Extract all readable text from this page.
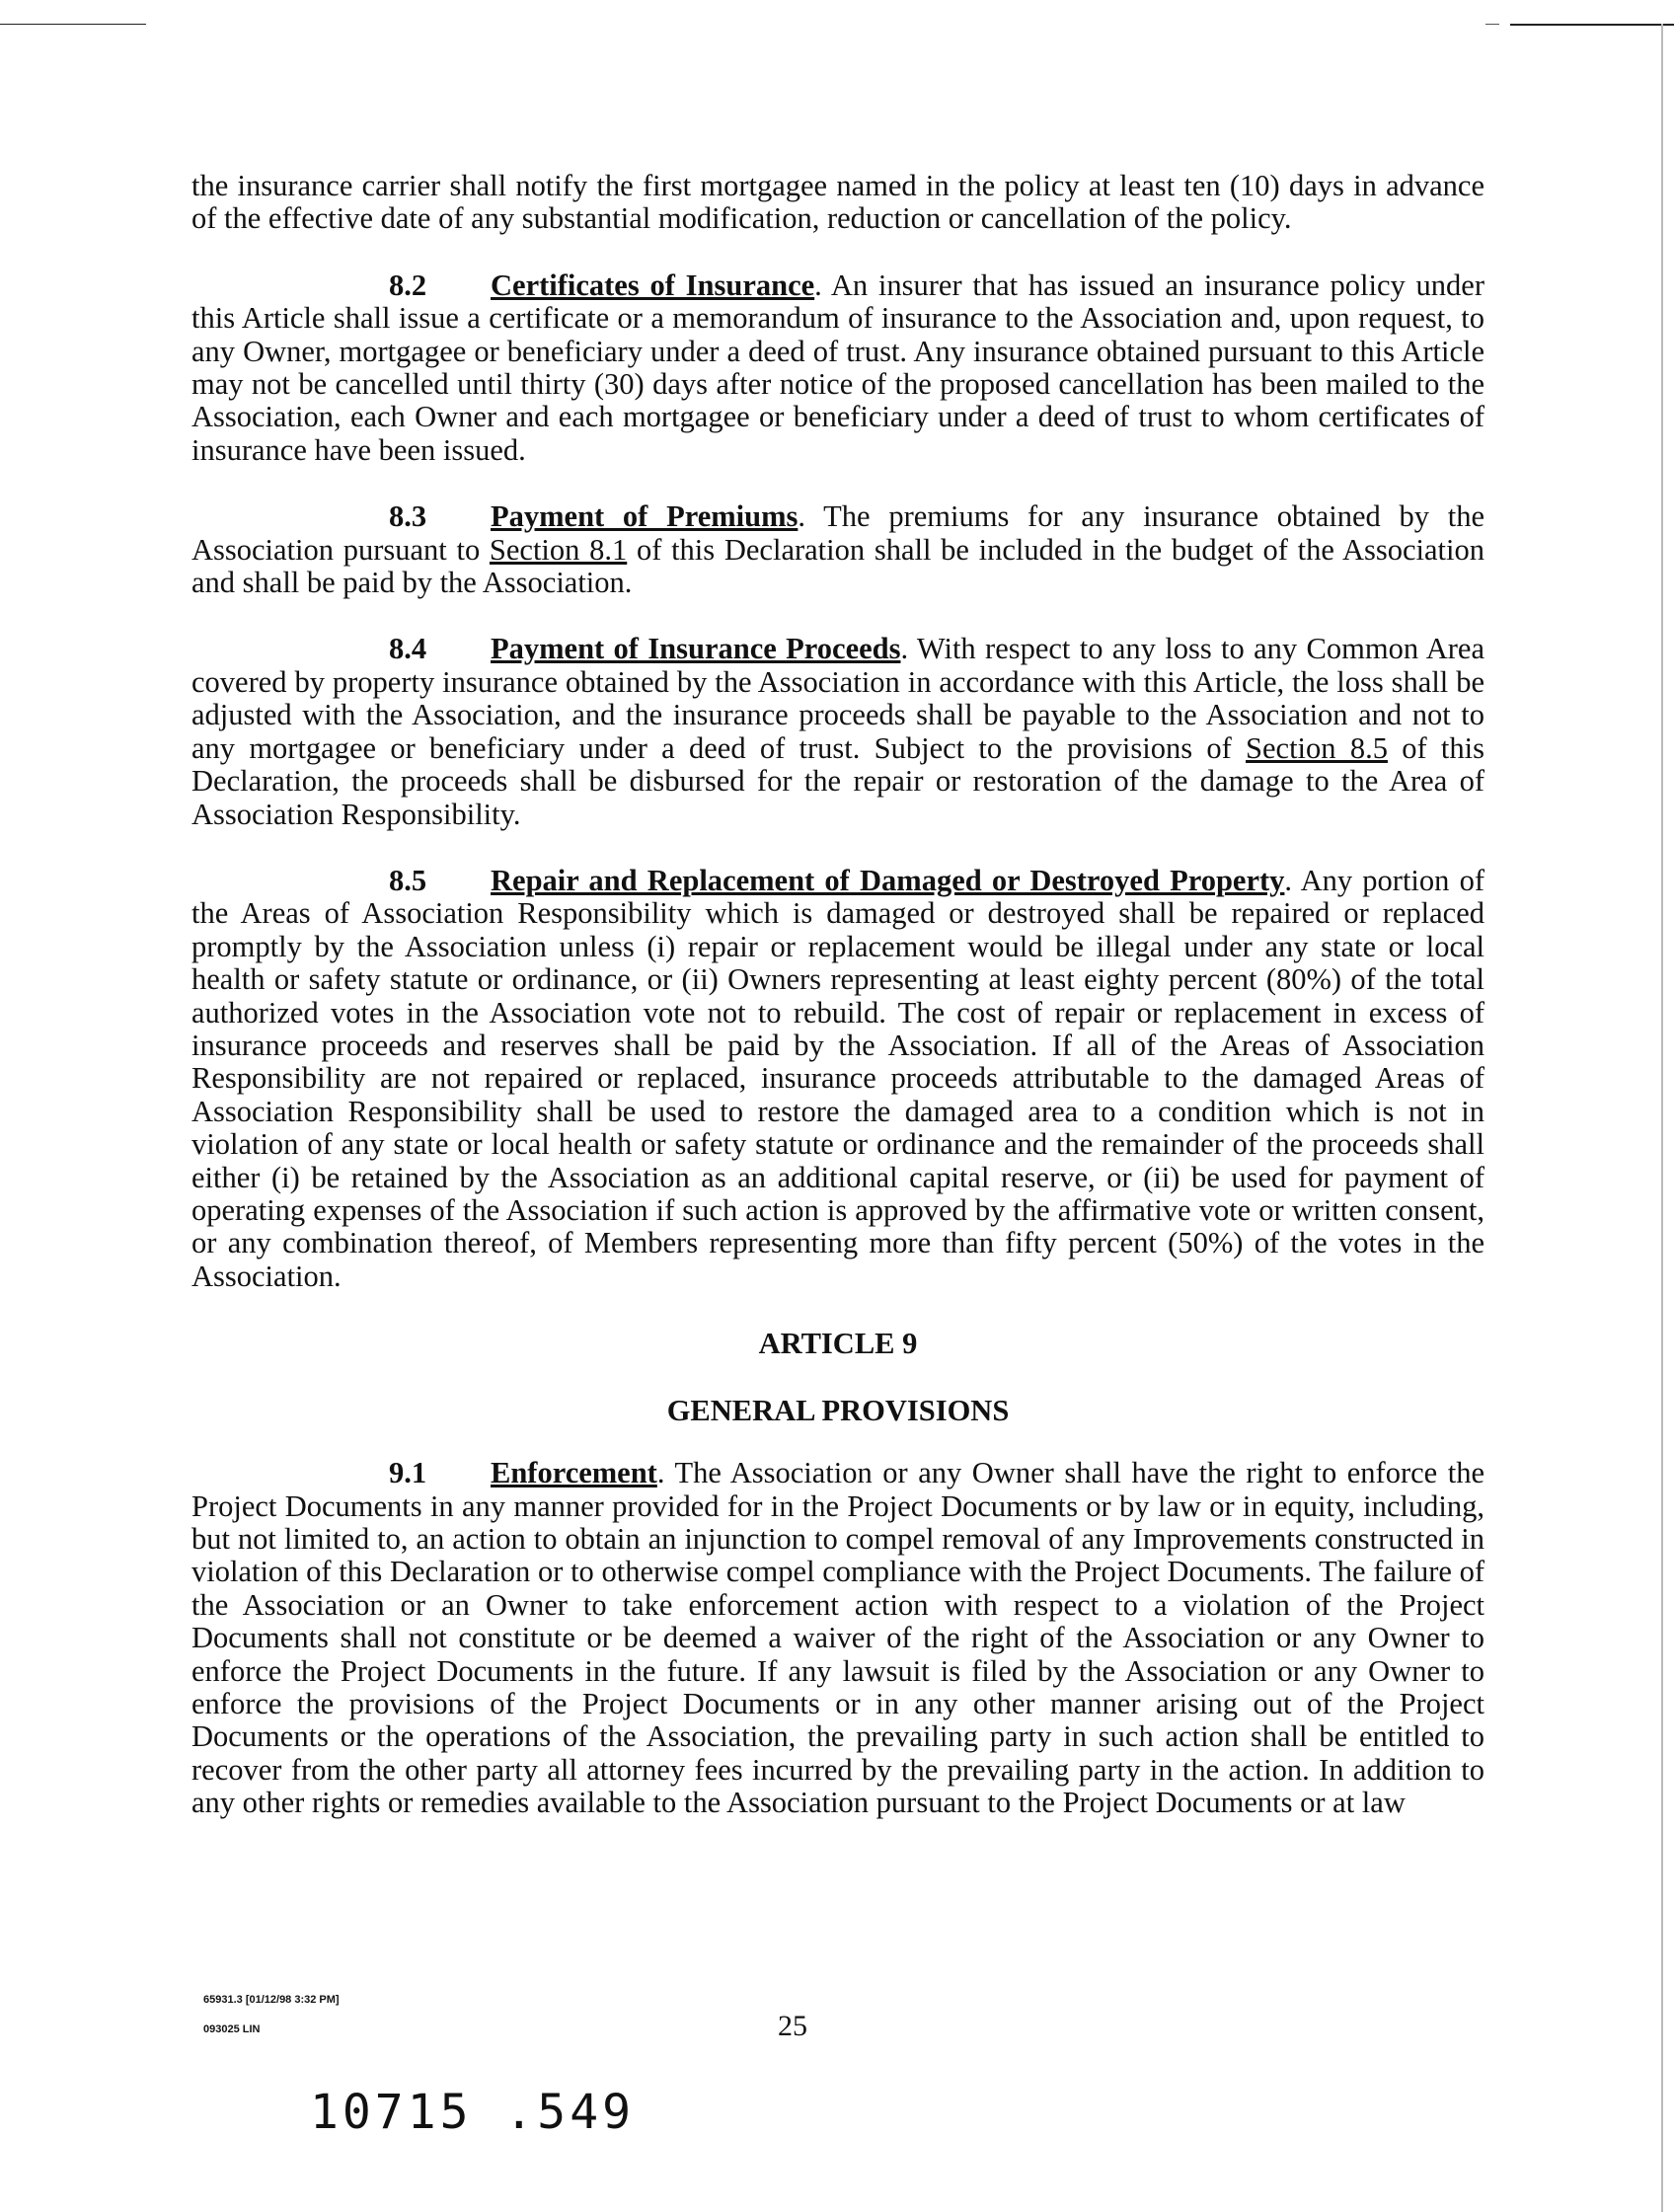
the insurance carrier shall notify the first mortgagee named in the policy at least ten (10) days in advance of the effective date of any substantial modification, reduction or cancellation of the policy.

8.2 Certificates of Insurance. An insurer that has issued an insurance policy under this Article shall issue a certificate or a memorandum of insurance to the Association and, upon request, to any Owner, mortgagee or beneficiary under a deed of trust. Any insurance obtained pursuant to this Article may not be cancelled until thirty (30) days after notice of the proposed cancellation has been mailed to the Association, each Owner and each mortgagee or beneficiary under a deed of trust to whom certificates of insurance have been issued.

8.3 Payment of Premiums. The premiums for any insurance obtained by the Association pursuant to Section 8.1 of this Declaration shall be included in the budget of the Association and shall be paid by the Association.

8.4 Payment of Insurance Proceeds. With respect to any loss to any Common Area covered by property insurance obtained by the Association in accordance with this Article, the loss shall be adjusted with the Association, and the insurance proceeds shall be payable to the Association and not to any mortgagee or beneficiary under a deed of trust. Subject to the provisions of Section 8.5 of this Declaration, the proceeds shall be disbursed for the repair or restoration of the damage to the Area of Association Responsibility.

8.5 Repair and Replacement of Damaged or Destroyed Property. Any portion of the Areas of Association Responsibility which is damaged or destroyed shall be repaired or replaced promptly by the Association unless (i) repair or replacement would be illegal under any state or local health or safety statute or ordinance, or (ii) Owners representing at least eighty percent (80%) of the total authorized votes in the Association vote not to rebuild. The cost of repair or replacement in excess of insurance proceeds and reserves shall be paid by the Association. If all of the Areas of Association Responsibility are not repaired or replaced, insurance proceeds attributable to the damaged Areas of Association Responsibility shall be used to restore the damaged area to a condition which is not in violation of any state or local health or safety statute or ordinance and the remainder of the proceeds shall either (i) be retained by the Association as an additional capital reserve, or (ii) be used for payment of operating expenses of the Association if such action is approved by the affirmative vote or written consent, or any combination thereof, of Members representing more than fifty percent (50%) of the votes in the Association.

ARTICLE 9

GENERAL PROVISIONS

9.1 Enforcement. The Association or any Owner shall have the right to enforce the Project Documents in any manner provided for in the Project Documents or by law or in equity, including, but not limited to, an action to obtain an injunction to compel removal of any Improvements constructed in violation of this Declaration or to otherwise compel compliance with the Project Documents. The failure of the Association or an Owner to take enforcement action with respect to a violation of the Project Documents shall not constitute or be deemed a waiver of the right of the Association or any Owner to enforce the Project Documents in the future. If any lawsuit is filed by the Association or any Owner to enforce the provisions of the Project Documents or in any other manner arising out of the Project Documents or the operations of the Association, the prevailing party in such action shall be entitled to recover from the other party all attorney fees incurred by the prevailing party in the action. In addition to any other rights or remedies available to the Association pursuant to the Project Documents or at law

65931.3 [01/12/98 3:32 PM]
093025 LIN	25
10715 .549
